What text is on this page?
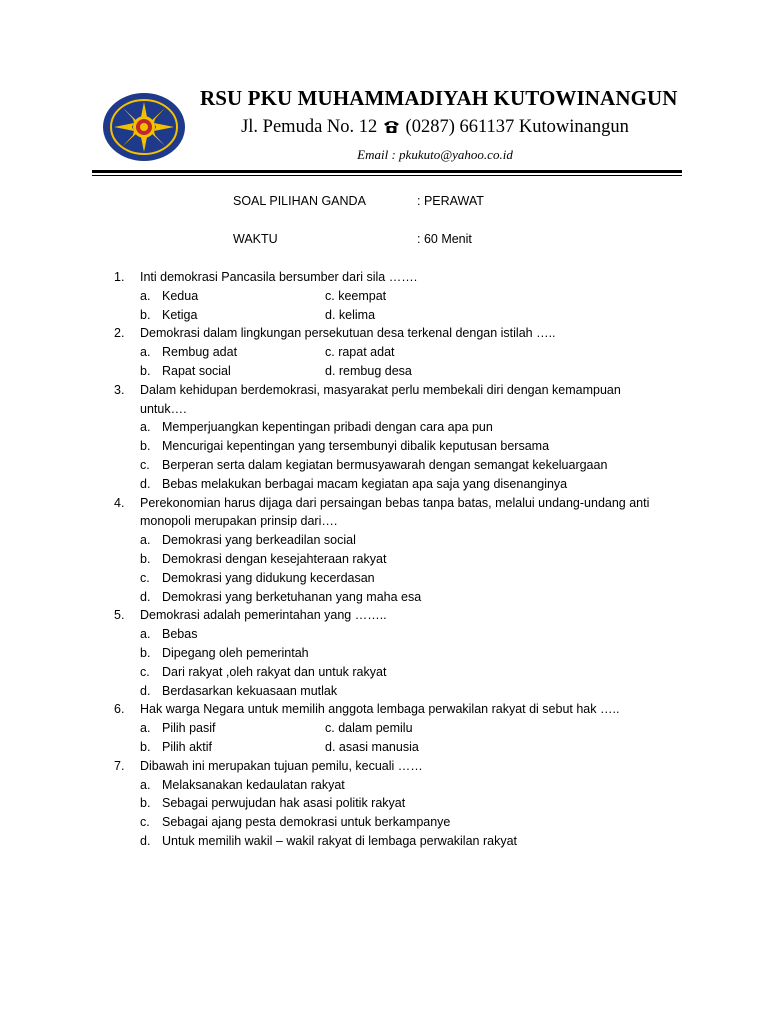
RSU PKU MUHAMMADIYAH KUTOWINANGUN
Jl. Pemuda No. 12 (0287) 661137 Kutowinangun
Email : pkukuto@yahoo.co.id
SOAL PILIHAN GANDA	: PERAWAT
WAKTU	: 60 Menit
1. Inti demokrasi Pancasila bersumber dari sila …….
a. Kedua	c. keempat
b. Ketiga	d. kelima
2. Demokrasi dalam lingkungan persekutuan desa terkenal dengan istilah …..
a. Rembug adat	c. rapat adat
b. Rapat social	d. rembug desa
3. Dalam kehidupan berdemokrasi, masyarakat perlu membekali diri dengan kemampuan
untuk….
a. Memperjuangkan kepentingan pribadi dengan cara apa pun
b. Mencurigai kepentingan yang tersembunyi dibalik keputusan bersama
c. Berperan serta dalam kegiatan bermusyawarah dengan semangat kekeluargaan
d. Bebas melakukan berbagai macam kegiatan apa saja yang disenanginya
4. Perekonomian harus dijaga dari persaingan bebas tanpa batas, melalui undang-undang anti
monopoli merupakan prinsip dari….
a. Demokrasi yang berkeadilan social
b. Demokrasi dengan kesejahteraan rakyat
c. Demokrasi yang didukung kecerdasan
d. Demokrasi yang berketuhanan yang maha esa
5. Demokrasi adalah pemerintahan yang ……..
a. Bebas
b. Dipegang oleh pemerintah
c. Dari rakyat ,oleh rakyat dan untuk rakyat
d. Berdasarkan kekuasaan mutlak
6. Hak warga Negara untuk memilih anggota lembaga perwakilan rakyat di sebut hak …..
a. Pilih pasif	c. dalam pemilu
b. Pilih aktif	d. asasi manusia
7. Dibawah ini merupakan tujuan pemilu, kecuali ……
a. Melaksanakan kedaulatan rakyat
b. Sebagai perwujudan hak asasi politik rakyat
c. Sebagai ajang pesta demokrasi untuk berkampanye
d. Untuk memilih wakil – wakil rakyat di lembaga perwakilan rakyat
